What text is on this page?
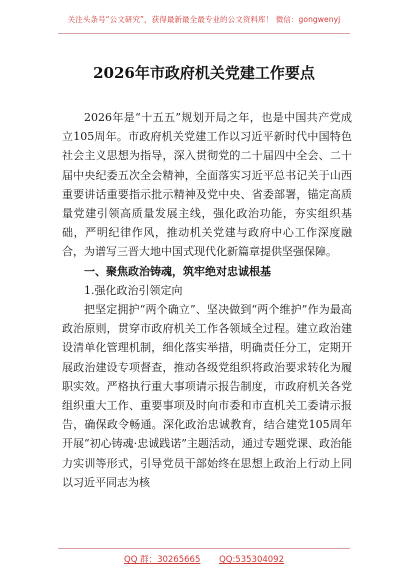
关注头条号“公文研究”，获得最新最全最专业的公文资料库！ 微信：gongwenyj
2026年市政府机关党建工作要点

2026年是“十五五”规划开局之年，也是中国共产党成立105周年。市政府机关党建工作以习近平新时代中国特色社会主义思想为指导，深入贯彻党的二十届四中全会、二十届中央纪委五次全会精神，全面落实习近平总书记关于山西重要讲话重要指示批示精神及党中央、省委部署，锚定高质量党建引领高质量发展主线，强化政治功能，夯实组织基础，严明纪律作风，推动机关党建与政府中心工作深度融合，为谱写三晋大地中国式现代化新篇章提供坚强保障。

一、聚焦政治铸魂，筑牢绝对忠诚根基

1.强化政治引领定向

把坚定拥护“两个确立”、坚决做到“两个维护”作为最高政治原则，贯穿市政府机关工作各领域全过程。建立政治建设清单化管理机制，细化落实举措，明确责任分工，定期开展政治建设专项督查，推动各级党组织将政治要求转化为履职实效。严格执行重大事项请示报告制度，市政府机关各党组织重大工作、重要事项及时向市委和市直机关工委请示报告，确保政令畅通。深化政治忠诚教育，结合建党105周年开展“初心铸魂·忠诚践诺”主题活动，通过专题党课、政治能力实训等形式，引导党员干部始终在思想上政治上行动上同以习近平同志为核

QQ 群：30265665 QQ:535304092
